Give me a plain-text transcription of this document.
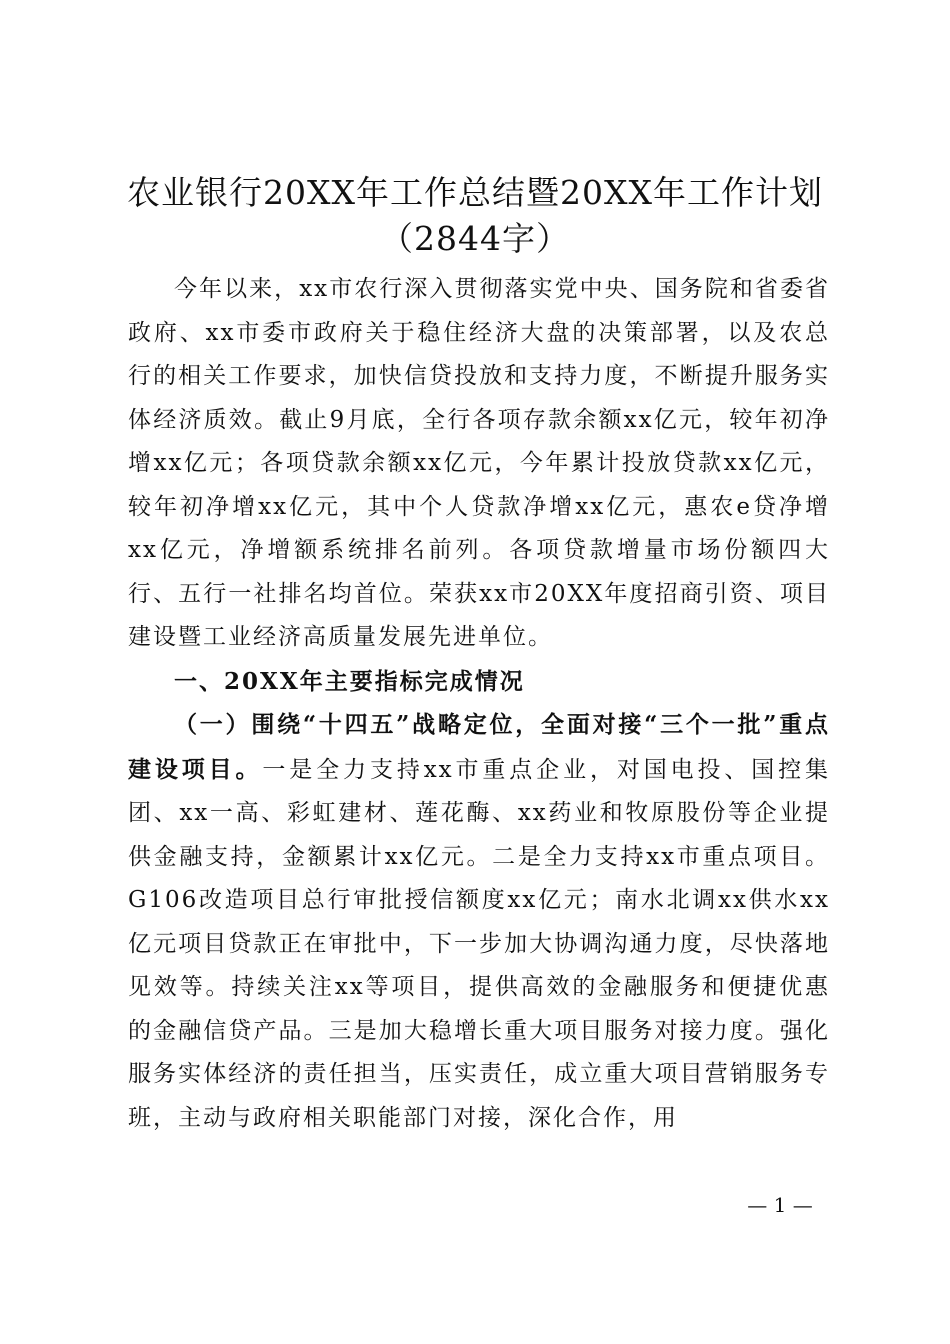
农业银行20XX年工作总结暨20XX年工作计划（2844字）

今年以来，xx市农行深入贯彻落实党中央、国务院和省委省政府、xx市委市政府关于稳住经济大盘的决策部署，以及农总行的相关工作要求，加快信贷投放和支持力度，不断提升服务实体经济质效。截止9月底，全行各项存款余额xx亿元，较年初净增xx亿元；各项贷款余额xx亿元，今年累计投放贷款xx亿元，较年初净增xx亿元，其中个人贷款净增xx亿元，惠农e贷净增xx亿元，净增额系统排名前列。各项贷款增量市场份额四大行、五行一社排名均首位。荣获xx市20XX年度招商引资、项目建设暨工业经济高质量发展先进单位。

一、20XX年主要指标完成情况

（一）围绕“十四五”战略定位，全面对接“三个一批”重点建设项目。一是全力支持xx市重点企业，对国电投、国控集团、xx一高、彩虹建材、莲花酶、xx药业和牧原股份等企业提供金融支持，金额累计xx亿元。二是全力支持xx市重点项目。G106改造项目总行审批授信额度xx亿元；南水北调xx供水xx亿元项目贷款正在审批中，下一步加大协调沟通力度，尽快落地见效等。持续关注xx等项目，提供高效的金融服务和便捷优惠的金融信贷产品。三是加大稳增长重大项目服务对接力度。强化服务实体经济的责任担当，压实责任，成立重大项目营销服务专班，主动与政府相关职能部门对接，深化合作，用

— 1 —
